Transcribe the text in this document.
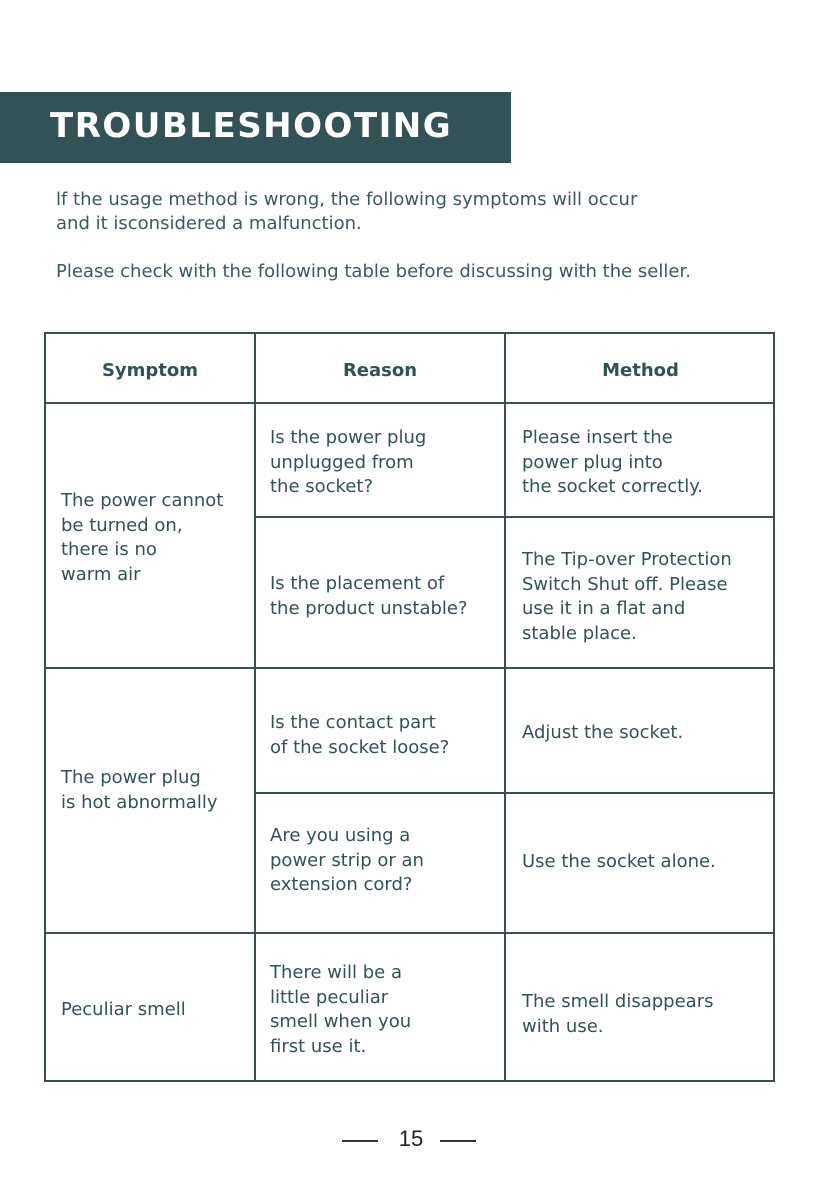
TROUBLESHOOTING
lf the usage method is wrong, the following symptoms will occur
and it isconsidered a malfunction.
Please check with the following table before discussing with the seller.
Symptom	Reason	Method
The power cannot
be turned on,
there is no
warm air
The power plug
is hot abnormally
Peculiar smell
Is the power plug
unplugged from
the socket?
Is the placement of
the product unstable?
Is the contact part
of the socket loose?
Are you using a
power strip or an
extension cord?
There will be a
little peculiar
smell when you
first use it.
Please insert the
power plug into
the socket correctly.
The Tip-over Protection
Switch Shut off. Please
use it in a flat and
stable place.
Adjust the socket.
Use the socket alone.
The smell disappears
with use.
15
